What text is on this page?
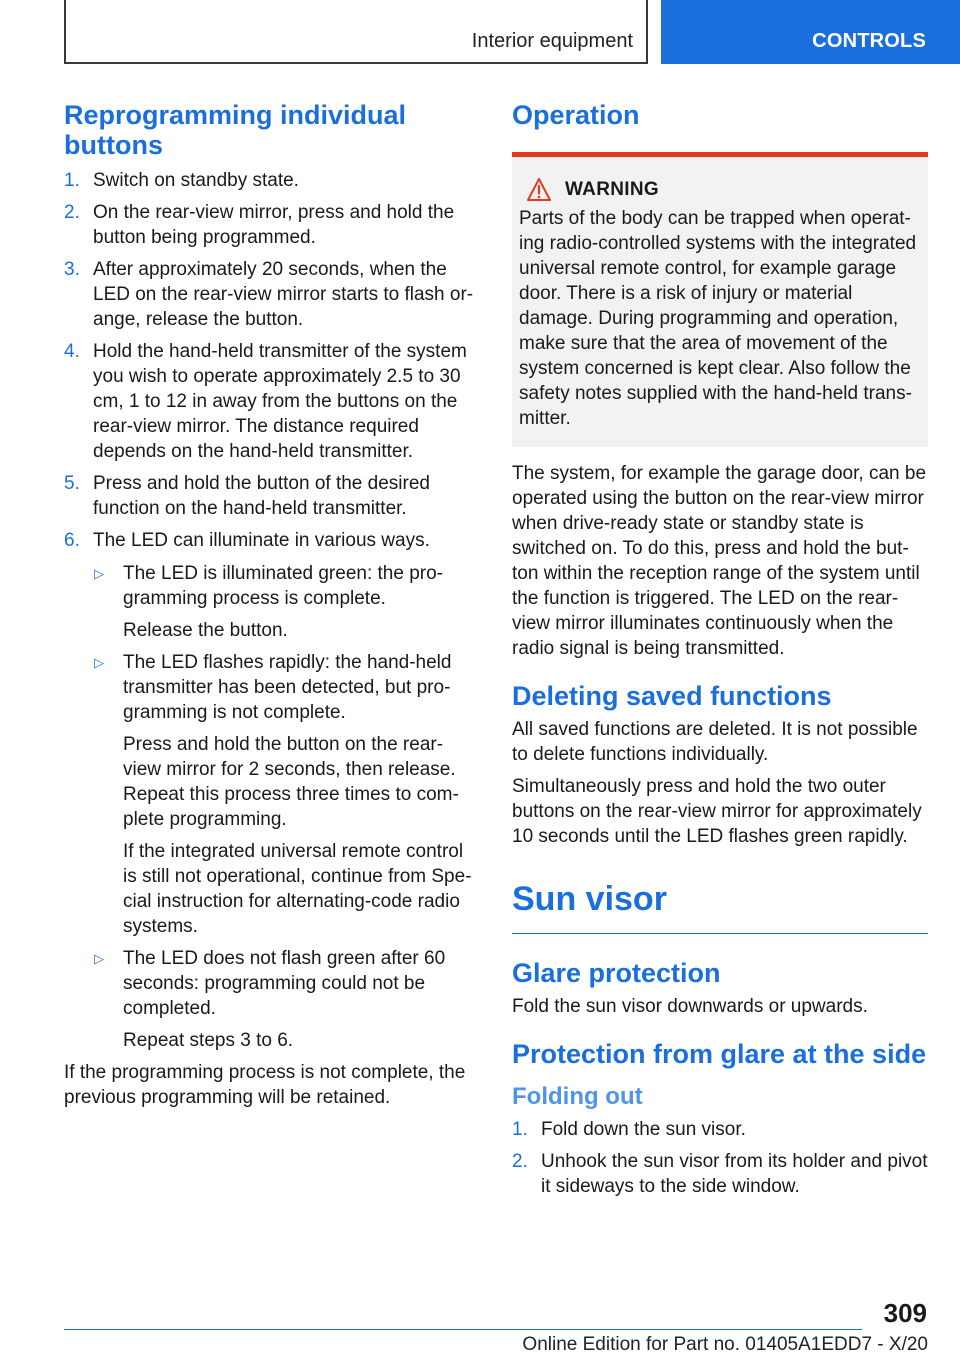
Interior equipment	CONTROLS
Reprogramming individual buttons
1. Switch on standby state.
2. On the rear-view mirror, press and hold the button being programmed.
3. After approximately 20 seconds, when the LED on the rear-view mirror starts to flash orange, release the button.
4. Hold the hand-held transmitter of the system you wish to operate approximately 2.5 to 30 cm, 1 to 12 in away from the buttons on the rear-view mirror. The distance required depends on the hand-held transmitter.
5. Press and hold the button of the desired function on the hand-held transmitter.
6. The LED can illuminate in various ways.
▷ The LED is illuminated green: the programming process is complete.

Release the button.

▷ The LED flashes rapidly: the hand-held transmitter has been detected, but programming is not complete.

Press and hold the button on the rear-view mirror for 2 seconds, then release. Repeat this process three times to complete programming.

If the integrated universal remote control is still not operational, continue from Special instruction for alternating-code radio systems.

▷ The LED does not flash green after 60 seconds: programming could not be completed.

Repeat steps 3 to 6.

If the programming process is not complete, the previous programming will be retained.

Operation
WARNING
Parts of the body can be trapped when operating radio-controlled systems with the integrated universal remote control, for example garage door. There is a risk of injury or material damage. During programming and operation, make sure that the area of movement of the system concerned is kept clear. Also follow the safety notes supplied with the hand-held transmitter.

The system, for example the garage door, can be operated using the button on the rear-view mirror when drive-ready state or standby state is switched on. To do this, press and hold the button within the reception range of the system until the function is triggered. The LED on the rear-view mirror illuminates continuously when the radio signal is being transmitted.

Deleting saved functions

All saved functions are deleted. It is not possible to delete functions individually.

Simultaneously press and hold the two outer buttons on the rear-view mirror for approximately 10 seconds until the LED flashes green rapidly.

Sun visor
Glare protection

Fold the sun visor downwards or upwards.

Protection from glare at the side
Folding out
1. Fold down the sun visor.
2. Unhook the sun visor from its holder and pivot it sideways to the side window.
309
Online Edition for Part no. 01405A1EDD7 - X/20
